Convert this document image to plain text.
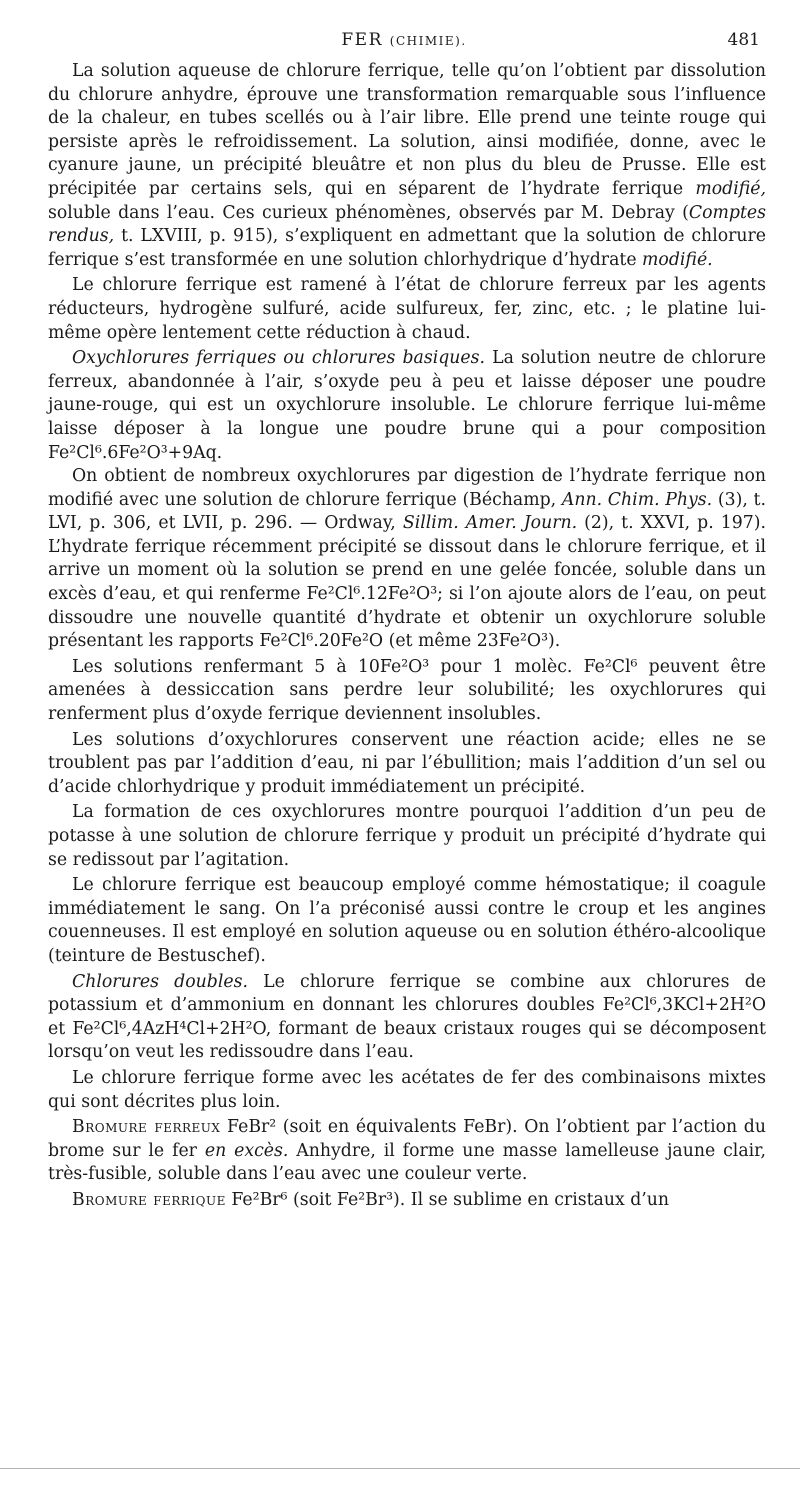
FER (CHIMIE).	481

La solution aqueuse de chlorure ferrique, telle qu’on l’obtient par dissolution du chlorure anhydre, éprouve une transformation remarquable sous l’influence de la chaleur, en tubes scellés ou à l’air libre. Elle prend une teinte rouge qui persiste après le refroidissement. La solution, ainsi modifiée, donne, avec le cyanure jaune, un précipité bleuâtre et non plus du bleu de Prusse. Elle est précipitée par certains sels, qui en séparent de l’hydrate ferrique modifié, soluble dans l’eau. Ces curieux phénomènes, observés par M. Debray (Comptes rendus, t. LXVIII, p. 915), s’expliquent en admettant que la solution de chlorure ferrique s’est transformée en une solution chlorhydrique d’hydrate modifié.

Le chlorure ferrique est ramené à l’état de chlorure ferreux par les agents réducteurs, hydrogène sulfuré, acide sulfureux, fer, zinc, etc. ; le platine lui-même opère lentement cette réduction à chaud.

Oxychlorures ferriques ou chlorures basiques. La solution neutre de chlorure ferreux, abandonnée à l’air, s’oxyde peu à peu et laisse déposer une poudre jaune-rouge, qui est un oxychlorure insoluble. Le chlorure ferrique lui-même laisse déposer à la longue une poudre brune qui a pour composition Fe²Cl⁶.6Fe²O³+9Aq.

On obtient de nombreux oxychlorures par digestion de l’hydrate ferrique non modifié avec une solution de chlorure ferrique (Béchamp, Ann. Chim. Phys. (3), t. LVI, p. 306, et LVII, p. 296. — Ordway, Sillim. Amer. Journ. (2), t. XXVI, p. 197). L’hydrate ferrique récemment précipité se dissout dans le chlorure ferrique, et il arrive un moment où la solution se prend en une gelée foncée, soluble dans un excès d’eau, et qui renferme Fe²Cl⁶.12Fe²O³; si l’on ajoute alors de l’eau, on peut dissoudre une nouvelle quantité d’hydrate et obtenir un oxychlorure soluble présentant les rapports Fe²Cl⁶.20Fe²O (et même 23Fe²O³).

Les solutions renfermant 5 à 10Fe²O³ pour 1 molèc. Fe²Cl⁶ peuvent être amenées à dessiccation sans perdre leur solubilité; les oxychlorures qui renferment plus d’oxyde ferrique deviennent insolubles.

Les solutions d’oxychlorures conservent une réaction acide; elles ne se troublent pas par l’addition d’eau, ni par l’ébullition; mais l’addition d’un sel ou d’acide chlorhydrique y produit immédiatement un précipité.

La formation de ces oxychlorures montre pourquoi l’addition d’un peu de potasse à une solution de chlorure ferrique y produit un précipité d’hydrate qui se redissout par l’agitation.

Le chlorure ferrique est beaucoup employé comme hémostatique; il coagule immédiatement le sang. On l’a préconisé aussi contre le croup et les angines couenneuses. Il est employé en solution aqueuse ou en solution éthéro-alcoolique (teinture de Bestuschef).

Chlorures doubles. Le chlorure ferrique se combine aux chlorures de potassium et d’ammonium en donnant les chlorures doubles Fe²Cl⁶,3KCl+2H²O et Fe²Cl⁶,4AzH⁴Cl+2H²O, formant de beaux cristaux rouges qui se décomposent lorsqu’on veut les redissoudre dans l’eau.

Le chlorure ferrique forme avec les acétates de fer des combinaisons mixtes qui sont décrites plus loin.

Bromure ferreux FeBr² (soit en équivalents FeBr). On l’obtient par l’action du brome sur le fer en excès. Anhydre, il forme une masse lamelleuse jaune clair, très-fusible, soluble dans l’eau avec une couleur verte.

Bromure ferrique Fe²Br⁶ (soit Fe²Br³). Il se sublime en cristaux d’un
